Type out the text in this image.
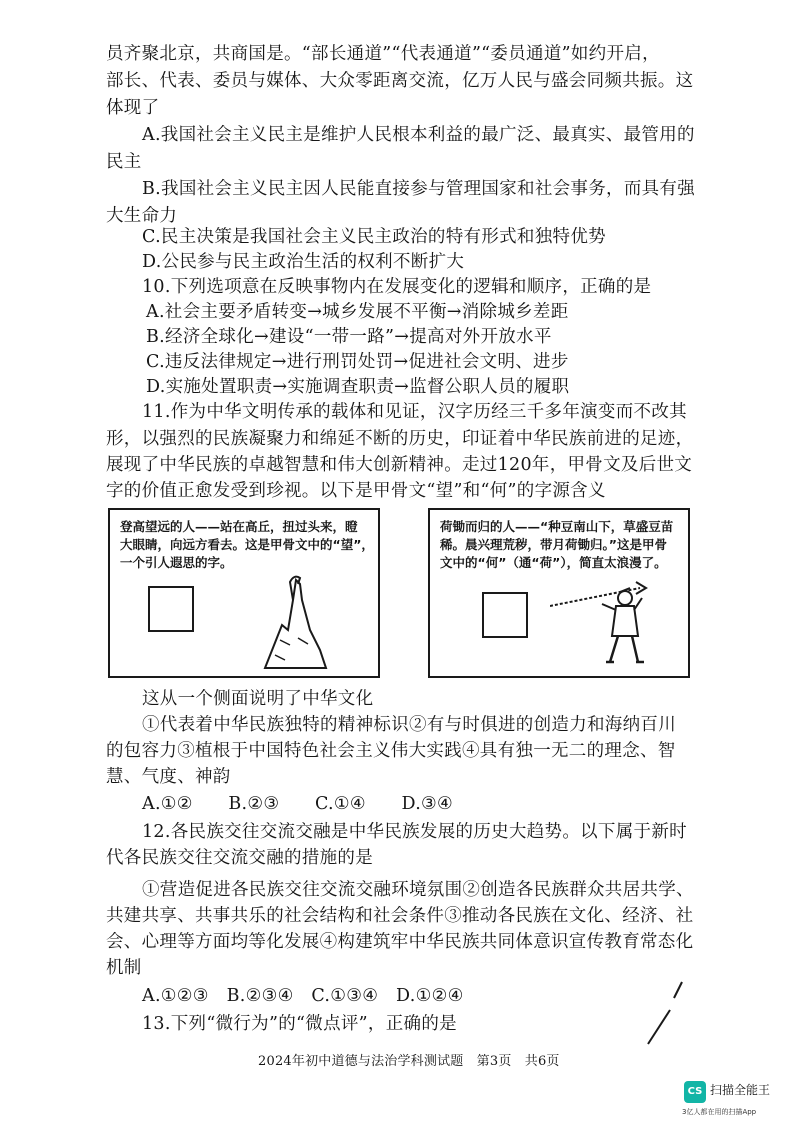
员齐聚北京，共商国是。“部长通道”“代表通道”“委员通道”如约开启，
部长、代表、委员与媒体、大众零距离交流，亿万人民与盛会同频共振。这
体现了
A.我国社会主义民主是维护人民根本利益的最广泛、最真实、最管用的
民主
B.我国社会主义民主因人民能直接参与管理国家和社会事务，而具有强
大生命力
C.民主决策是我国社会主义民主政治的特有形式和独特优势
D.公民参与民主政治生活的权利不断扩大
10.下列选项意在反映事物内在发展变化的逻辑和顺序，正确的是
A.社会主要矛盾转变→城乡发展不平衡→消除城乡差距
B.经济全球化→建设“一带一路”→提高对外开放水平
C.违反法律规定→进行刑罚处罚→促进社会文明、进步
D.实施处置职责→实施调查职责→监督公职人员的履职
11.作为中华文明传承的载体和见证，汉字历经三千多年演变而不改其
形，以强烈的民族凝聚力和绵延不断的历史，印证着中华民族前进的足迹，
展现了中华民族的卓越智慧和伟大创新精神。走过120年，甲骨文及后世文
字的价值正愈发受到珍视。以下是甲骨文“望”和“何”的字源含义
登高望远的人——站在高丘，扭过头来，瞪
大眼睛，向远方看去。这是甲骨文中的“望”，
一个引人遐思的字。
荷锄而归的人——“种豆南山下，草盛豆苗
稀。晨兴理荒秽，带月荷锄归。”这是甲骨
文中的“何”（通“荷”），简直太浪漫了。
这从一个侧面说明了中华文化
①代表着中华民族独特的精神标识②有与时俱进的创造力和海纳百川
的包容力③植根于中国特色社会主义伟大实践④具有独一无二的理念、智
慧、气度、神韵
A.①②　　B.②③　　C.①④　　D.③④
12.各民族交往交流交融是中华民族发展的历史大趋势。以下属于新时
代各民族交往交流交融的措施的是
①营造促进各民族交往交流交融环境氛围②创造各民族群众共居共学、
共建共享、共事共乐的社会结构和社会条件③推动各民族在文化、经济、社
会、心理等方面均等化发展④构建筑牢中华民族共同体意识宣传教育常态化
机制
A.①②③　B.②③④　C.①③④　D.①②④
13.下列“微行为”的“微点评”，正确的是
2024年初中道德与法治学科测试题　第3页　共6页
CS 扫描全能王
3亿人都在用的扫描App
